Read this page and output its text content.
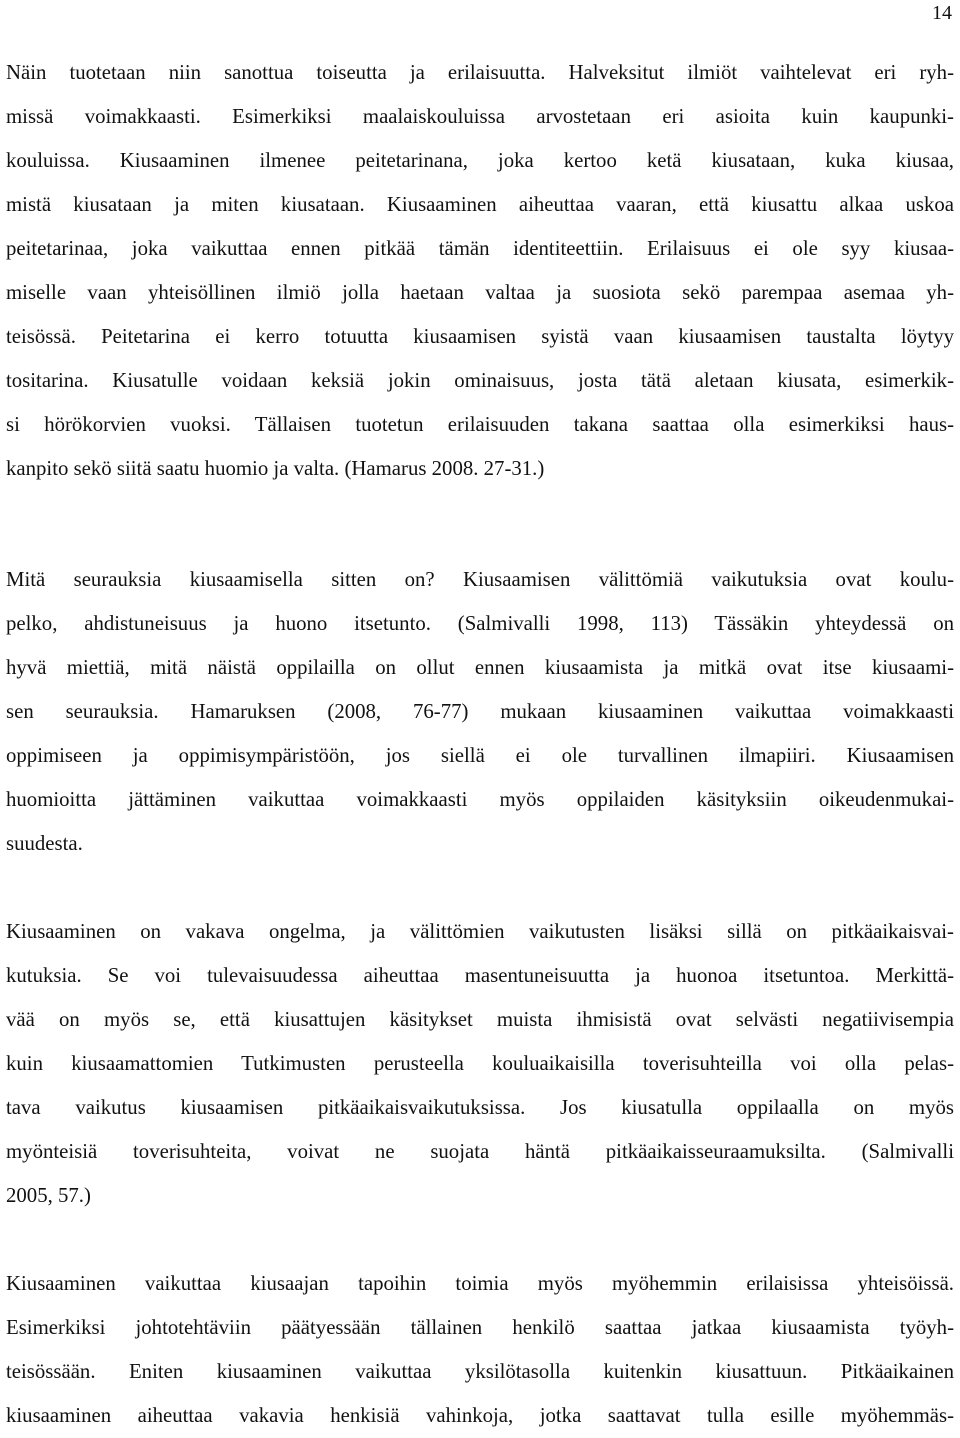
14
Näin tuotetaan niin sanottua toiseutta ja erilaisuutta. Halveksitut ilmiöt vaihtelevat eri ryh-
missä voimakkaasti. Esimerkiksi maalaiskouluissa arvostetaan eri asioita kuin kaupunki-
kouluissa. Kiusaaminen ilmenee peitetarinana, joka kertoo ketä kiusataan, kuka kiusaa,
mistä kiusataan ja miten kiusataan. Kiusaaminen aiheuttaa vaaran, että kiusattu alkaa uskoa
peitetarinaa, joka vaikuttaa ennen pitkää tämän identiteettiin. Erilaisuus ei ole syy kiusaa-
miselle vaan yhteisöllinen ilmiö jolla haetaan valtaa ja suosiota sekö parempaa asemaa yh-
teisössä. Peitetarina ei kerro totuutta kiusaamisen syistä vaan kiusaamisen taustalta löytyy
tositarina. Kiusatulle voidaan keksiä jokin ominaisuus, josta tätä aletaan kiusata, esimerkik-
si hörökorvien vuoksi. Tällaisen tuotetun erilaisuuden takana saattaa olla esimerkiksi haus-
kanpito sekö siitä saatu huomio ja valta. (Hamarus 2008. 27-31.)
Mitä seurauksia kiusaamisella sitten on? Kiusaamisen välittömiä vaikutuksia ovat koulu-
pelko, ahdistuneisuus ja huono itsetunto. (Salmivalli 1998, 113) Tässäkin yhteydessä on
hyvä miettiä, mitä näistä oppilailla on ollut ennen kiusaamista ja mitkä ovat itse kiusaami-
sen seurauksia. Hamaruksen (2008, 76-77) mukaan kiusaaminen vaikuttaa voimakkaasti
oppimiseen ja oppimisympäristöön, jos siellä ei ole turvallinen ilmapiiri. Kiusaamisen
huomioitta jättäminen vaikuttaa voimakkaasti myös oppilaiden käsityksiin oikeudenmukai-
suudesta.
Kiusaaminen on vakava ongelma, ja välittömien vaikutusten lisäksi sillä on pitkäaikaisvai-
kutuksia. Se voi tulevaisuudessa aiheuttaa masentuneisuutta ja huonoa itsetuntoa. Merkittä-
vää on myös se, että kiusattujen käsitykset muista ihmisistä ovat selvästi negatiivisempia
kuin kiusaamattomien Tutkimusten perusteella kouluaikaisilla toverisuhteilla voi olla pelas-
tava vaikutus kiusaamisen pitkäaikaisvaikutuksissa. Jos kiusatulla oppilaalla on myös
myönteisiä toverisuhteita, voivat ne suojata häntä pitkäaikaisseuraamuksilta. (Salmivalli
2005, 57.)
Kiusaaminen vaikuttaa kiusaajan tapoihin toimia myös myöhemmin erilaisissa yhteisöissä.
Esimerkiksi johtotehtäviin päätyessään tällainen henkilö saattaa jatkaa kiusaamista työyh-
teisössään. Eniten kiusaaminen vaikuttaa yksilötasolla kuitenkin kiusattuun. Pitkäaikainen
kiusaaminen aiheuttaa vakavia henkisiä vahinkoja, jotka saattavat tulla esille myöhemmäs-
